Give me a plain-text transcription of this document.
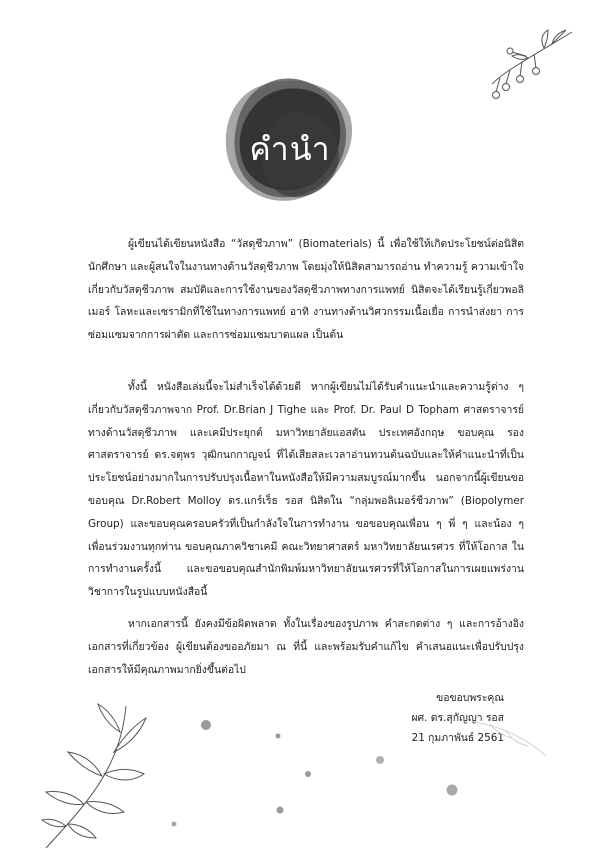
คำนำ
ผู้เขียนได้เขียนหนังสือ “วัสดุชีวภาพ” (Biomaterials) นี้ เพื่อใช้ให้เกิดประโยชน์ต่อนิสิต นักศึกษา และผู้สนใจในงานทางด้านวัสดุชีวภาพ โดยมุ่งให้นิสิตสามารถอ่าน ทำความรู้ ความเข้าใจเกี่ยวกับวัสดุชีวภาพ สมบัติและการใช้งานของวัสดุชีวภาพทางการแพทย์ นิสิตจะได้เรียนรู้เกี่ยวพอลิเมอร์ โลหะและเซรามิกที่ใช้ในทางการแพทย์ อาทิ งานทางด้านวิศวกรรมเนื้อเยื่อ การนำส่งยา การซ่อมแซมจากการผ่าตัด และการซ่อมแซมบาดแผล เป็นต้น
ทั้งนี้ หนังสือเล่มนี้จะไม่สำเร็จได้ด้วยดี หากผู้เขียนไม่ได้รับคำแนะนำและความรู้ต่าง ๆ เกี่ยวกับวัสดุชีวภาพจาก Prof. Dr.Brian J Tighe และ Prof. Dr. Paul D Topham ศาสตราจารย์ทางด้านวัสดุชีวภาพ และเคมีประยุกต์ มหาวิทยาลัยแอสตัน ประเทศอังกฤษ ขอบคุณ รองศาสตราจารย์ ดร.จตุพร วุฒิกนกกาญจน์ ที่ได้เสียสละเวลาอ่านทวนต้นฉบับและให้คำแนะนำที่เป็นประโยชน์อย่างมากในการปรับปรุงเนื้อหาในหนังสือให้มีความสมบูรณ์มากขึ้น นอกจากนี้ผู้เขียนขอขอบคุณ Dr.Robert Molloy ดร.แกร์เร็ธ รอส นิสิตใน “กลุ่มพอลิเมอร์ชีวภาพ” (Biopolymer Group) และขอบคุณครอบครัวที่เป็นกำลังใจในการทำงาน ขอขอบคุณเพื่อน ๆ พี่ ๆ และน้อง ๆ เพื่อนร่วมงานทุกท่าน ขอบคุณภาควิชาเคมี คณะวิทยาศาสตร์ มหาวิทยาลัยนเรศวร ที่ให้โอกาส ในการทำงานครั้งนี้ และขอขอบคุณสำนักพิมพ์มหาวิทยาลัยนเรศวรที่ให้โอกาสในการเผยแพร่งานวิชาการในรูปแบบหนังสือนี้
หากเอกสารนี้ ยังคงมีข้อผิดพลาด ทั้งในเรื่องของรูปภาพ คำสะกดต่าง ๆ และการอ้างอิงเอกสารที่เกี่ยวข้อง ผู้เขียนต้องขออภัยมา ณ ที่นี้ และพร้อมรับคำแก้ไข คำเสนอแนะเพื่อปรับปรุงเอกสารให้มีคุณภาพมากยิ่งขึ้นต่อไป
ขอขอบพระคุณ
ผศ. ดร.สุกัญญา รอส
21 กุมภาพันธ์ 2561
